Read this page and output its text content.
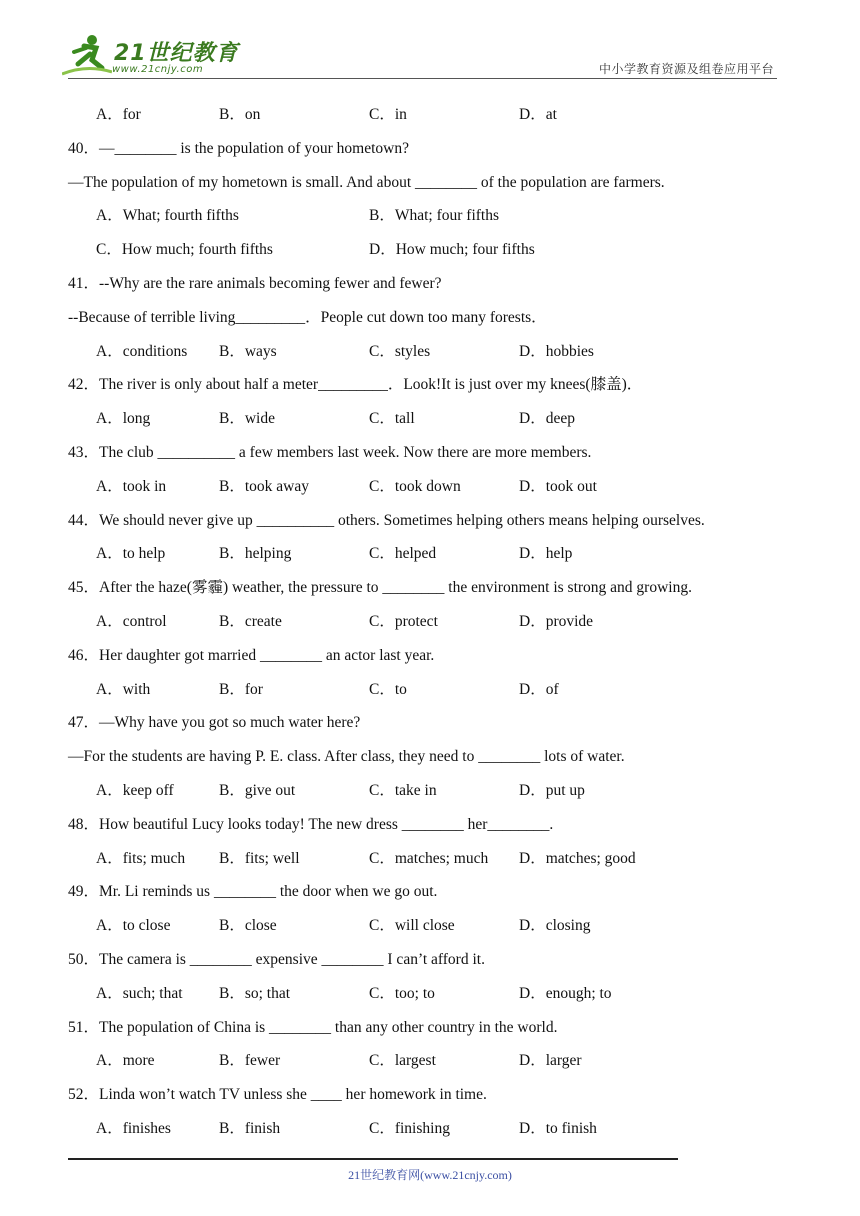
21世纪教育
www.21cnjy.com	中小学教育资源及组卷应用平台
A．for	B．on	C．in	D．at
40．—________ is the population of your hometown?
—The population of my hometown is small. And about ________ of the population are farmers.
A．What; fourth fifths	B．What; four fifths
C．How much; fourth fifths	D．How much; four fifths
41．--Why are the rare animals becoming fewer and fewer?
--Because of terrible living_________．People cut down too many forests．
A．conditions B．ways	C．styles	D．hobbies
42．The river is only about half a meter_________．Look!It is just over my knees(膝盖)．
A．long	B．wide	C．tall	D．deep
43．The club __________ a few members last week. Now there are more members.
A．took in	B．took away	C．took down	D．took out
44．We should never give up __________ others. Sometimes helping others means helping ourselves.
A．to help	B．helping	C．helped	D．help
45．After the haze(雾霾) weather, the pressure to ________ the environment is strong and growing.
A．control	B．create	C．protect	D．provide
46．Her daughter got married ________ an actor last year.
A．with	B．for	C．to	D．of
47．—Why have you got so much water here?
—For the students are having P. E. class. After class, they need to ________ lots of water.
A．keep off	B．give out	C．take in	D．put up
48．How beautiful Lucy looks today! The new dress ________ her________.
A．fits; much B．fits; well	C．matches; much D．matches; good
49．Mr. Li reminds us ________ the door when we go out.
A．to close	B．close	C．will close	D．closing
50．The camera is ________ expensive ________ I can’t afford it.
A．such; that B．so; that	C．too; to	D．enough; to
51．The population of China is ________ than any other country in the world.
A．more	B．fewer	C．largest	D．larger
52．Linda won’t watch TV unless she ____ her homework in time.
A．finishes	B．finish	C．finishing	D．to finish
21世纪教育网(www.21cnjy.com)
